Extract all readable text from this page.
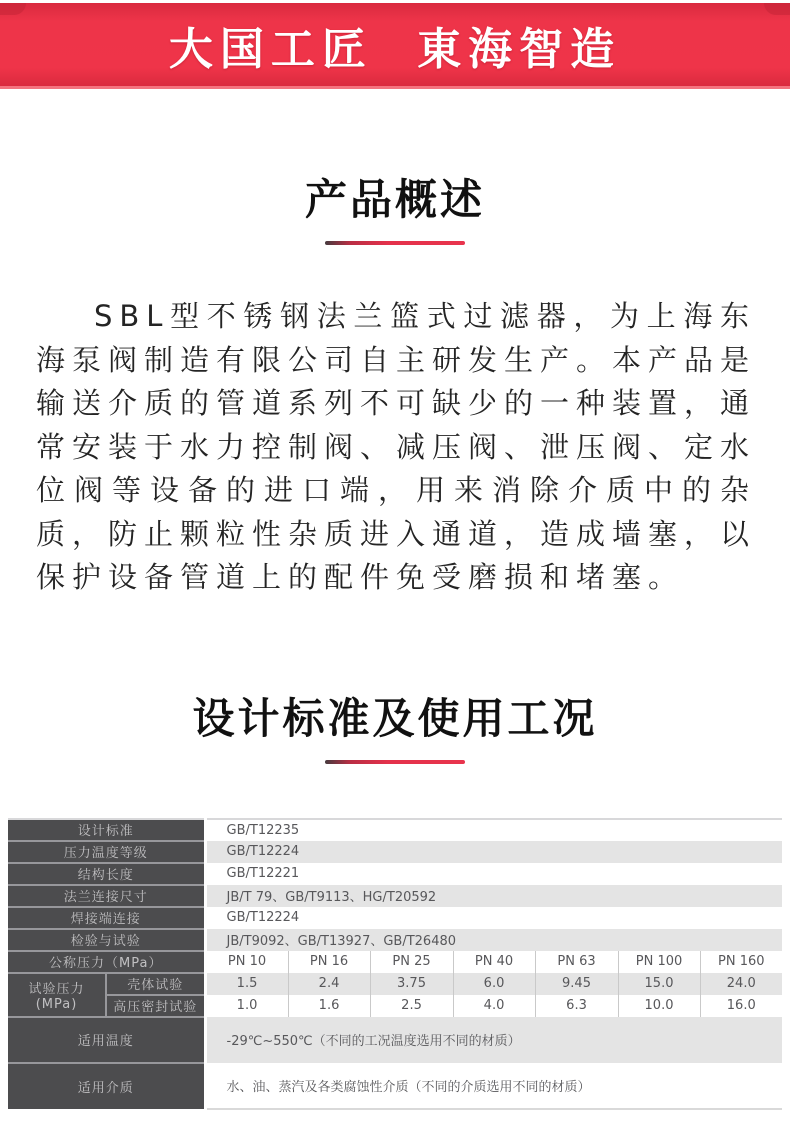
大国工匠 東海智造
产品概述

SBL型不锈钢法兰篮式过滤器，为上海东海泵阀制造有限公司自主研发生产。本产品是输送介质的管道系列不可缺少的一种装置，通常安装于水力控制阀、减压阀、泄压阀、定水位阀等设备的进口端，用来消除介质中的杂质，防止颗粒性杂质进入通道，造成墙塞，以保护设备管道上的配件免受磨损和堵塞。

设计标准及使用工况
设计标准		GB/T12235						
压力温度等级		GB/T12224						
结构长度		GB/T12221						
法兰连接尺寸		JB/T 79、GB/T9113、HG/T20592						
焊接端连接		GB/T12224						
检验与试验		JB/T9092、GB/T13927、GB/T26480						
公称压力（MPa）		PN 10	PN 16	PN 25	PN 40	PN 63	PN 100	PN 160
试验压力(MPa)	壳体试验	1.5	2.4	3.75	6.0	9.45	15.0	24.0
	高压密封试验	1.0	1.6	2.5	4.0	6.3	10.0	16.0
适用温度		-29℃~550℃（不同的工况温度选用不同的材质）						
适用介质		水、油、蒸汽及各类腐蚀性介质（不同的介质选用不同的材质）						
